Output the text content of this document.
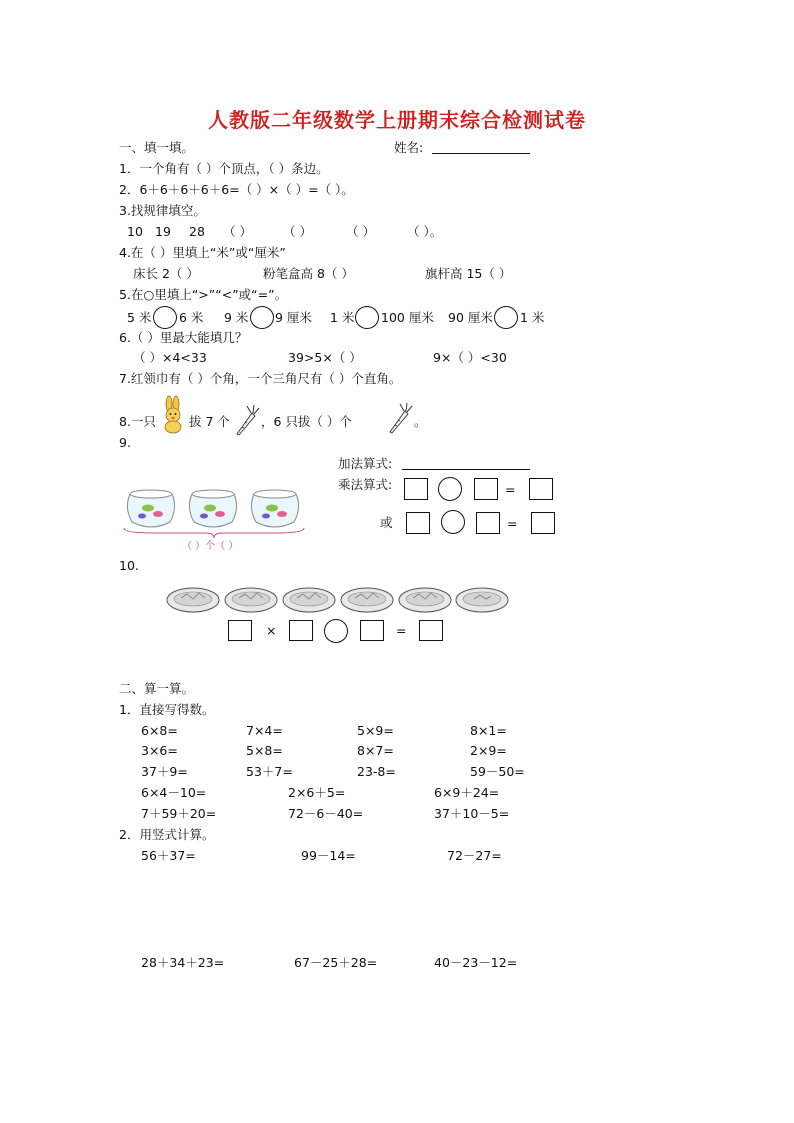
人教版二年级数学上册期末综合检测试卷
一、填一填。	姓名:
1．一个角有（ ）个顶点，（ ）条边。
2．6＋6＋6＋6＋6=（ ）×（ ）=（ ）。
3.找规律填空。
10 19 28 （ ） （ ）	（ ）	（ ）。
4.在（ ）里填上“米”或“厘米”
床长 2（ ）	粉笔盒高 8（ ）	旗杆高 15（ ）
5.在○里填上“>”“<”或“=”。
5 米 6 米 9 米 9 厘米 1 米 100 厘米 90 厘米 1 米
6.（ ）里最大能填几？
（ ）×4<33	39>5×（ ）	9×（ ）<30
7.红领巾有（ ）个角，一个三角尺有（ ）个直角。
8.一只	拔 7 个 ，6 只拔（ ）个	。
9.
（ ）个（ ）
加法算式:
乘法算式:	=
或	=
10.
×	=
二、算一算。
1．直接写得数。
6×8=	7×4=	5×9=	8×1=
3×6=	5×8=	8×7=	2×9=
37＋9=	53＋7=	23-8=	59－50=
6×4－10=	2×6＋5=	6×9＋24=
7＋59＋20=	72－6－40=	37＋10－5=
2．用竖式计算。
56＋37=	99－14=	72－27=
28＋34＋23=	67－25＋28=	40－23－12=
